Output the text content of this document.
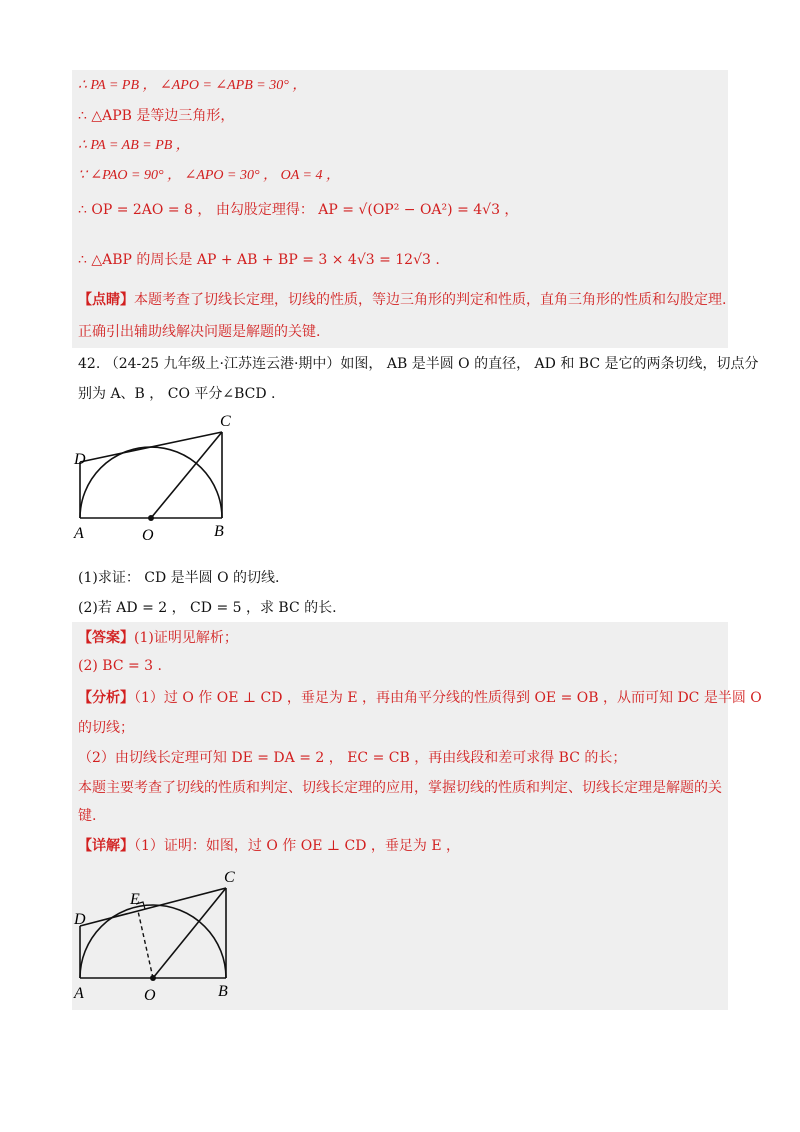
∴ PA = PB ， ∠APO = ∠APB = 30° ，
∴ △APB 是等边三角形，
∴ PA = AB = PB ，
∵ ∠PAO = 90° ， ∠APO = 30° ， OA = 4 ，
∴ OP = 2AO = 8 ， 由勾股定理得： AP = √(OP² − OA²) = 4√3 ，
∴ △ABP 的周长是 AP + AB + BP = 3 × 4√3 = 12√3 .
【点睛】本题考查了切线长定理，切线的性质，等边三角形的判定和性质，直角三角形的性质和勾股定理.
正确引出辅助线解决问题是解题的关键.
42. （24-25 九年级上·江苏连云港·期中）如图， AB 是半圆 O 的直径， AD 和 BC 是它的两条切线，切点分
别为 A、B ， CO 平分∠BCD .
C
D
A	O	B
(1)求证： CD 是半圆 O 的切线.
(2)若 AD = 2 ， CD = 5 ，求 BC 的长.
【答案】(1)证明见解析；
(2) BC = 3 .
【分析】（1）过 O 作 OE ⊥ CD ，垂足为 E ，再由角平分线的性质得到 OE = OB ，从而可知 DC 是半圆 O
的切线；
（2）由切线长定理可知 DE = DA = 2 ， EC = CB ，再由线段和差可求得 BC 的长；
本题主要考查了切线的性质和判定、切线长定理的应用，掌握切线的性质和判定、切线长定理是解题的关
键.
【详解】（1）证明：如图，过 O 作 OE ⊥ CD ，垂足为 E ，
C
E
D
A	O	B
